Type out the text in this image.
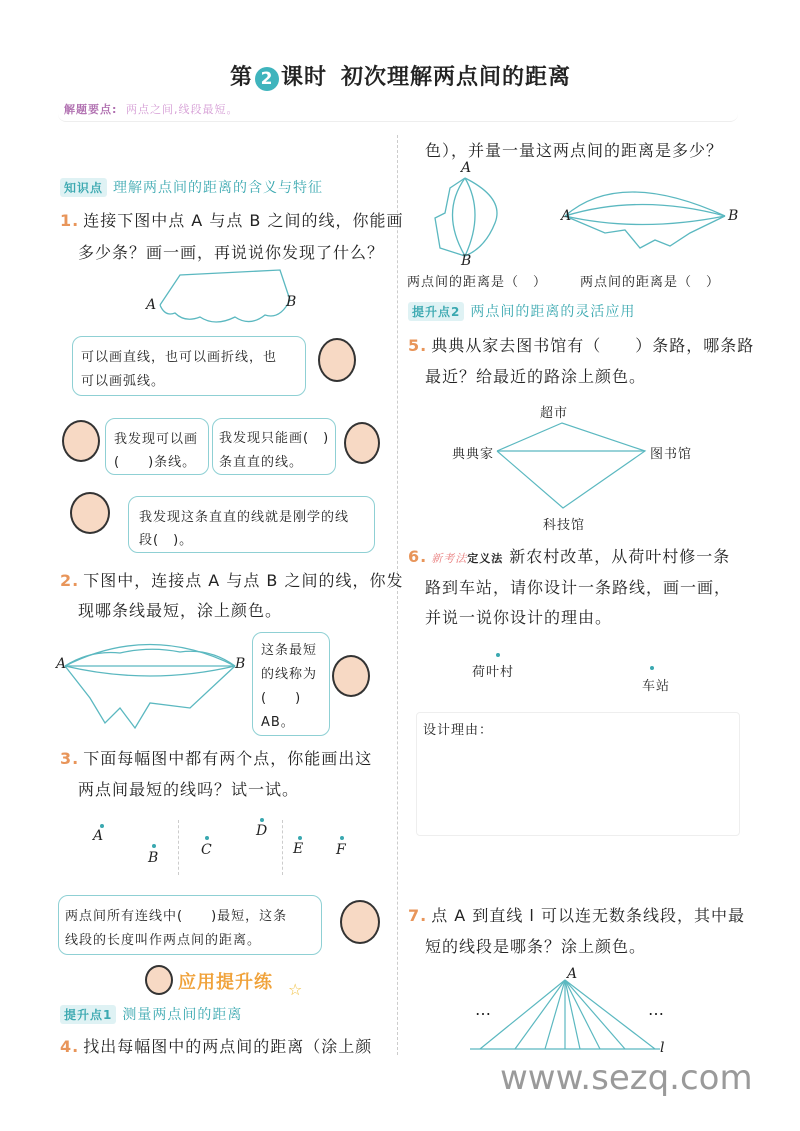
第 2 课时 初次理解两点间的距离
解题要点: 两点之间,线段最短。
知识点 理解两点间的距离的含义与特征
1. 连接下图中点 A 与点 B 之间的线，你能画
多少条？画一画，再说说你发现了什么？
A	B
可以画直线，也可以画折线，也
可以画弧线。
我发现可以画
(　　)条线。
我发现只能画(　)
条直直的线。
我发现这条直直的线就是刚学的线
段(　)。
2. 下图中，连接点 A 与点 B 之间的线，你发
现哪条线最短，涂上颜色。
A	B
这条最短
的线称为
(　　)
AB。
3. 下面每幅图中都有两个点，你能画出这
两点间最短的线吗？试一试。
A
B	C
D
E F
两点间所有连线中(　　)最短，这条
线段的长度叫作两点间的距离。
应用提升练 ☆
提升点1 测量两点间的距离
4. 找出每幅图中的两点间的距离（涂上颜
色），并量一量这两点间的距离是多少？
A
B
A	B
两点间的距离是（　）	两点间的距离是（　）
提升点2 两点间的距离的灵活应用
5. 典典从家去图书馆有（　　）条路，哪条路
最近？给最近的路涂上颜色。
超市
典典家	图书馆
科技馆
6. 新考法定义法 新农村改革，从荷叶村修一条
路到车站，请你设计一条路线，画一画，
并说一说你设计的理由。
荷叶村
车站
设计理由：
7. 点 A 到直线 l 可以连无数条线段，其中最
短的线段是哪条？涂上颜色。
A
l
…	…
www.sezq.com
